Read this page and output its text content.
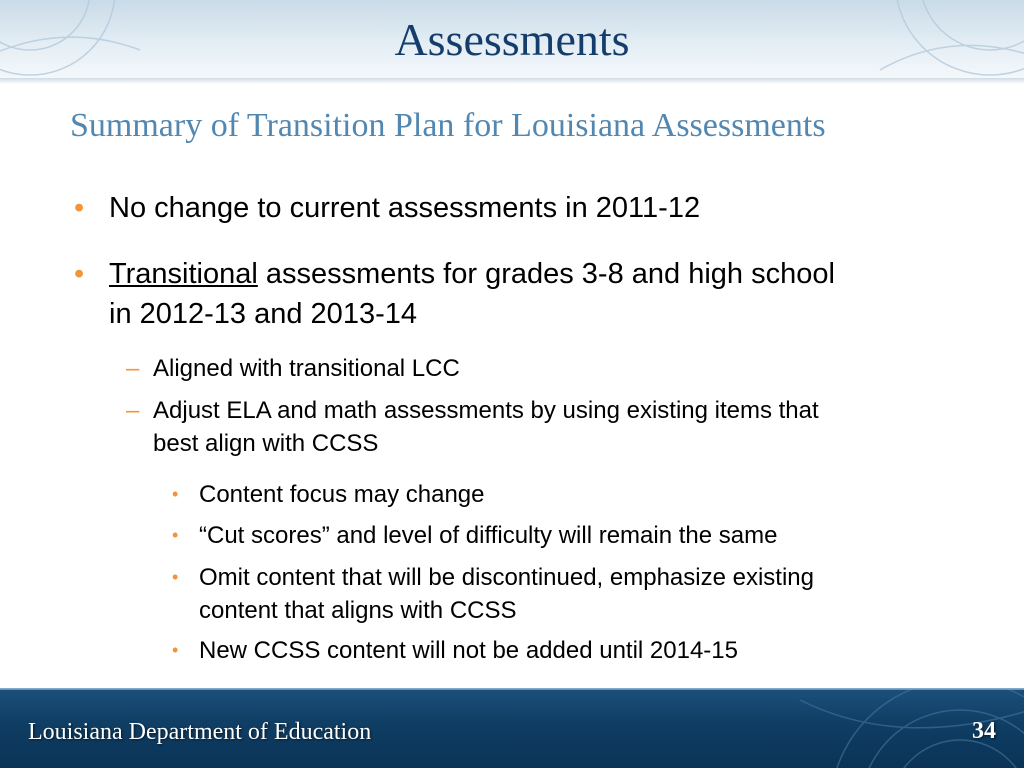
Assessments
Summary of Transition Plan for Louisiana Assessments
• No change to current assessments in 2011-12
• Transitional assessments for grades 3-8 and high school
in 2012-13 and 2013-14
– Aligned with transitional LCC
– Adjust ELA and math assessments by using existing items that
best align with CCSS
• Content focus may change
• “Cut scores” and level of difficulty will remain the same
• Omit content that will be discontinued, emphasize existing
content that aligns with CCSS
• New CCSS content will not be added until 2014-15
Louisiana Department of Education	34
